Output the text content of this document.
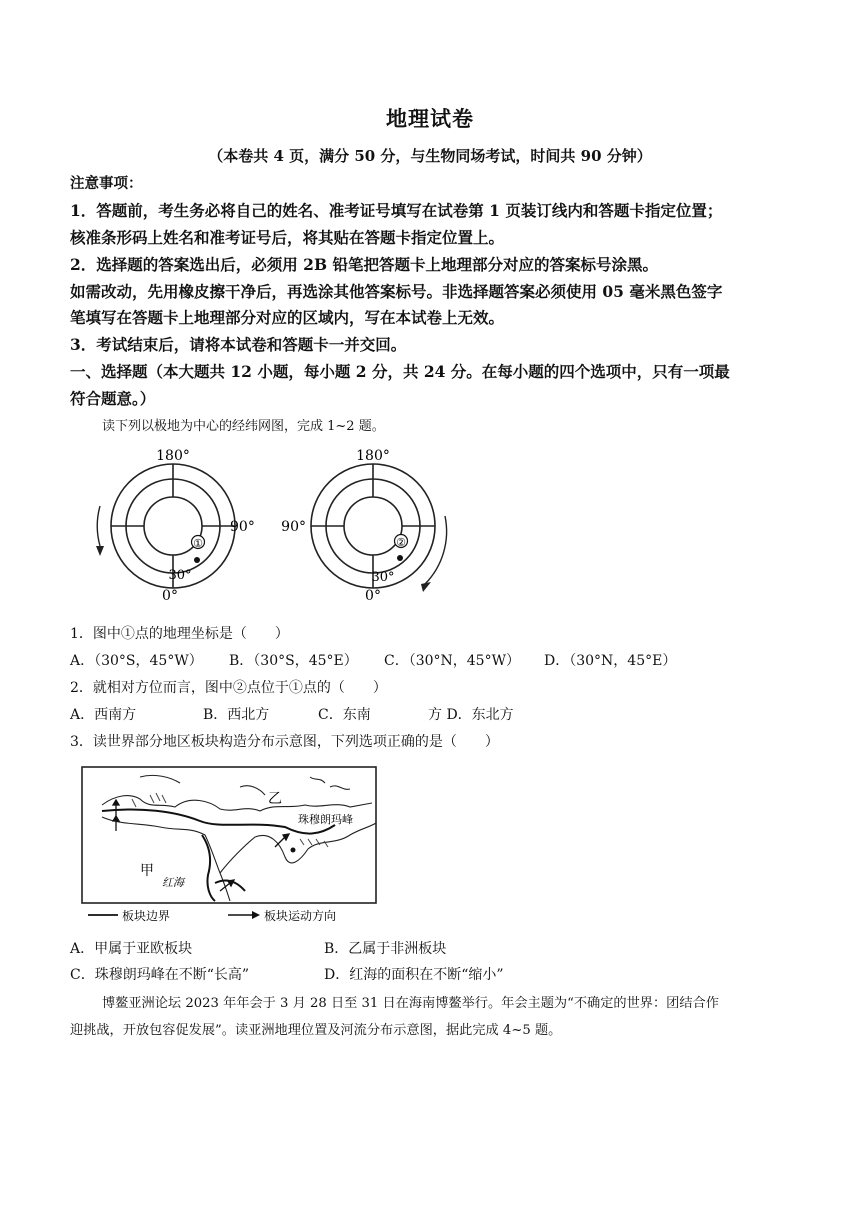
地理试卷
（本卷共 4 页，满分 50 分，与生物同场考试，时间共 90 分钟）
注意事项：
1．答题前，考生务必将自己的姓名、准考证号填写在试卷第 1 页装订线内和答题卡指定位置；
核准条形码上姓名和准考证号后，将其贴在答题卡指定位置上。
2．选择题的答案选出后，必须用 2B 铅笔把答题卡上地理部分对应的答案标号涂黑。
如需改动，先用橡皮擦干净后，再选涂其他答案标号。非选择题答案必须使用 05 毫米黑色签字
笔填写在答题卡上地理部分对应的区域内，写在本试卷上无效。
3．考试结束后，请将本试卷和答题卡一并交回。
一、选择题（本大题共 12 小题，每小题 2 分，共 24 分。在每小题的四个选项中，只有一项最
符合题意。）
读下列以极地为中心的经纬网图，完成 1~2 题。
①
180°
90°
30°
0°
②
180°
90°
30°
0°
1．图中①点的地理坐标是（　　）
A．（30°S，45°W） B．（30°S，45°E） C．（30°N，45°W） D．（30°N，45°E）
2．就相对方位而言，图中②点位于①点的（　　）
A．西南方	B．西北方	C．东南	方 D．东北方
3．读世界部分地区板块构造分布示意图，下列选项正确的是（　　）
甲
乙
珠穆朗玛峰
红海
板块边界	板块运动方向
A．甲属于亚欧板块	B．乙属于非洲板块
C．珠穆朗玛峰在不断“长高”	D．红海的面积在不断“缩小”
博鳌亚洲论坛 2023 年年会于 3 月 28 日至 31 日在海南博鳌举行。年会主题为“不确定的世界：团结合作
迎挑战，开放包容促发展”。读亚洲地理位置及河流分布示意图，据此完成 4~5 题。
